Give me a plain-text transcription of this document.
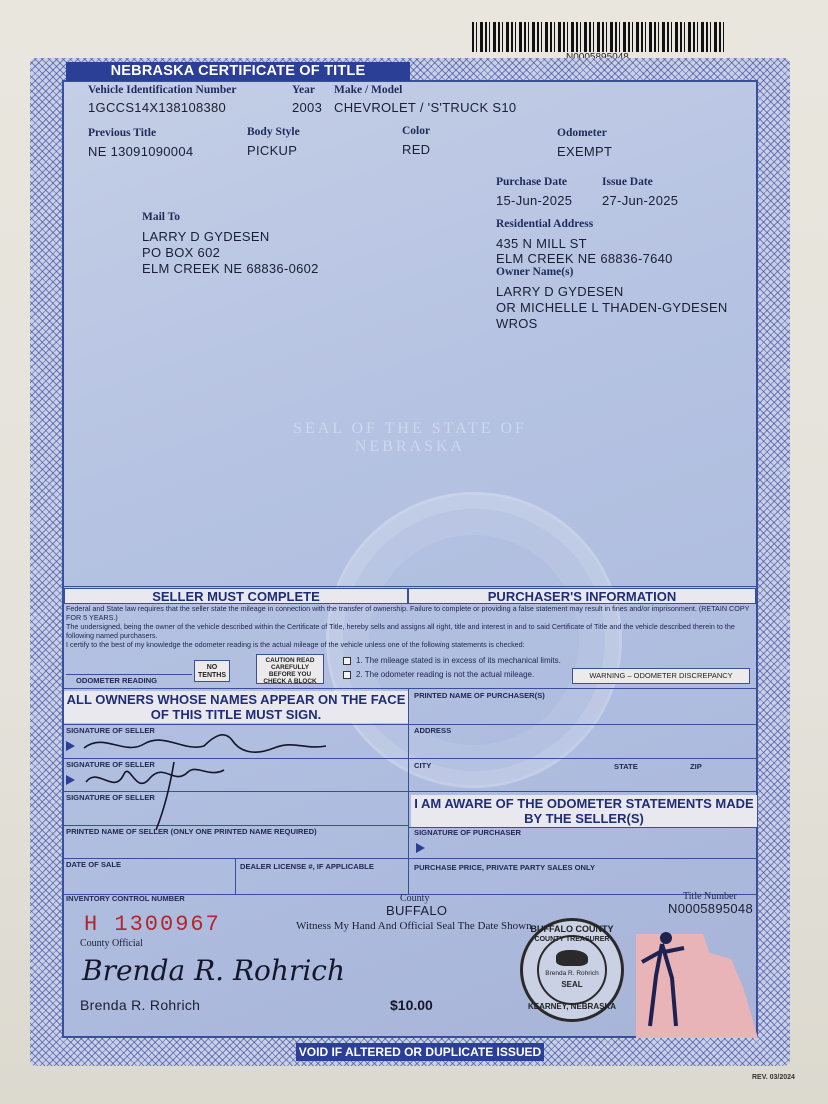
SEAL OF THE STATE OF NEBRASKA
NEBRASKA CERTIFICATE OF TITLE
Vehicle Identification Number	Year Make / Model
1GCCS14X138108380	2003 CHEVROLET / 'S'TRUCK S10
Previous Title	Body Style	Color	Odometer
NE 13091090004	PICKUP	RED	EXEMPT
Purchase Date	Issue Date
15-Jun-2025 27-Jun-2025
Mail To
LARRY D GYDESEN
PO BOX 602
ELM CREEK NE 68836-0602
Residential Address
435 N MILL ST
ELM CREEK NE 68836-7640
Owner Name(s)
LARRY D GYDESEN
OR MICHELLE L THADEN-GYDESEN
WROS
SELLER MUST COMPLETE	PURCHASER'S INFORMATION
Federal and State law requires that the seller state the mileage in connection with the transfer of ownership. Failure to complete or providing a false statement may result in fines and/or imprisonment. (RETAIN COPY FOR 5 YEARS.)
The undersigned, being the owner of the vehicle described within the Certificate of Title, hereby sells and assigns all right, title and interest in and to said Certificate of Title and the vehicle described therein to the following named purchasers.
I certify to the best of my knowledge the odometer reading is the actual mileage of the vehicle unless one of the following statements is checked:
ODOMETER READING
NO TENTHS
CAUTION READ CAREFULLY BEFORE YOU CHECK A BLOCK
1. The mileage stated is in excess of its mechanical limits.
2. The odometer reading is not the actual mileage.	WARNING – ODOMETER DISCREPANCY
ALL OWNERS WHOSE NAMES APPEAR ON THE FACE OF THIS TITLE MUST SIGN.
PRINTED NAME OF PURCHASER(S)
SIGNATURE OF SELLER	ADDRESS
SIGNATURE OF SELLER	CITY	STATE	ZIP
SIGNATURE OF SELLER	I AM AWARE OF THE ODOMETER STATEMENTS MADE BY THE SELLER(S)
PRINTED NAME OF SELLER (ONLY ONE PRINTED NAME REQUIRED)	SIGNATURE OF PURCHASER
DATE OF SALE	DEALER LICENSE #, IF APPLICABLE	PURCHASE PRICE, PRIVATE PARTY SALES ONLY
INVENTORY CONTROL NUMBER	County
BUFFALO
Title Number
N0005895048
H 1300967	Witness My Hand And Official Seal The Date Shown
County Official
Brenda R. Rohrich
Brenda R. Rohrich	$10.00
BUFFALO COUNTY
COUNTY TREASURER
Brenda R. Rohrich
SEAL
KEARNEY, NEBRASKA
VOID IF ALTERED OR DUPLICATE ISSUED
REV. 03/2024
